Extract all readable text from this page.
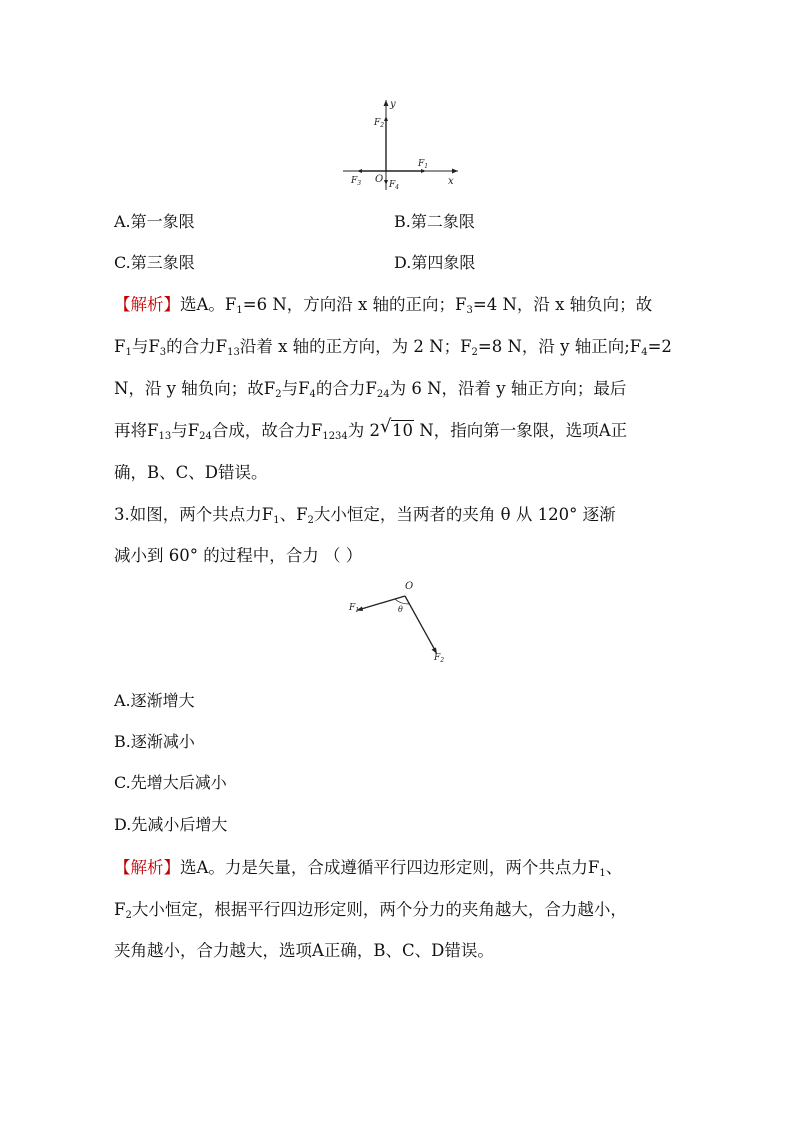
y
x
O
$F_1$
$F_2$
$F_3$	$F_4$
A.第一象限	B.第二象限
C.第三象限	D.第四象限
【解析】选A。$F_1=6$ N，方向沿 x 轴的正向；$F_3=4$ N，沿 x 轴负向；故
$F_1$与$F_3$的合力$F_{13}$沿着 x 轴的正方向，为 2 N；$F_2=8$ N，沿 y 轴正向$;F_4=2$
N，沿 y 轴负向；故$F_2$与$F_4$的合力$F_{24}$为 6 N，沿着 y 轴正方向；最后
再将$F_{13}$与$F_{24}$合成，故合力$F_{1234}$为 2 √ 10 N，指向第一象限，选项A正
确，B、C、D错误。
3.如图，两个共点力$F_1$、$F_2$大小恒定，当两者的夹角 θ 从 120° 逐渐
减小到 60° 的过程中，合力 （ ）
O
θ
$F_1$
$F_2$
A.逐渐增大
B.逐渐减小
C.先增大后减小
D.先减小后增大
【解析】选A。力是矢量，合成遵循平行四边形定则，两个共点力$F_1$、
$F_2$大小恒定，根据平行四边形定则，两个分力的夹角越大，合力越小，
夹角越小，合力越大，选项A正确，B、C、D错误。
